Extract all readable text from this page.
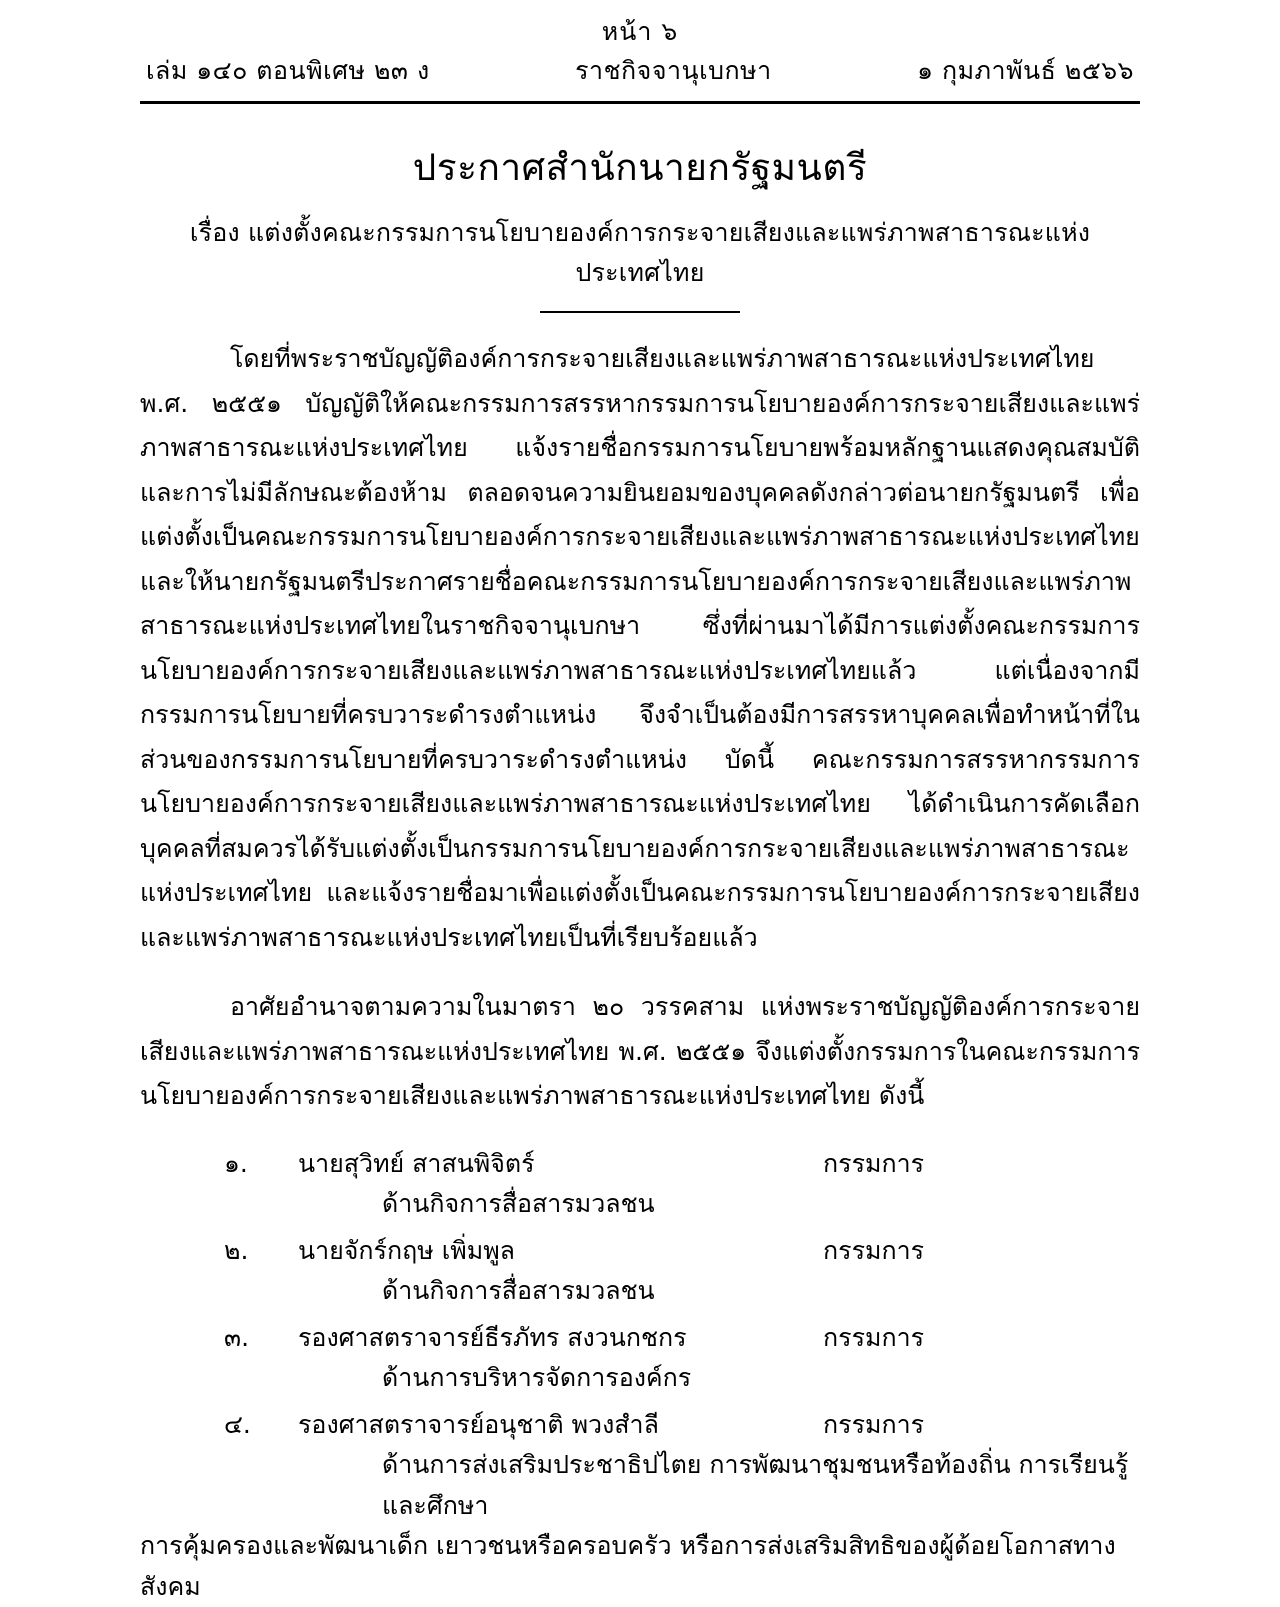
หน้า ๖
เล่ม ๑๔๐ ตอนพิเศษ ๒๓ ง	ราชกิจจานุเบกษา	๑ กุมภาพันธ์ ๒๕๖๖
ประกาศสำนักนายกรัฐมนตรี
เรื่อง แต่งตั้งคณะกรรมการนโยบายองค์การกระจายเสียงและแพร่ภาพสาธารณะแห่งประเทศไทย

โดยที่พระราชบัญญัติองค์การกระจายเสียงและแพร่ภาพสาธารณะแห่งประเทศไทย พ.ศ. ๒๕๕๑ บัญญัติให้คณะกรรมการสรรหากรรมการนโยบายองค์การกระจายเสียงและแพร่ภาพสาธารณะแห่งประเทศไทย แจ้งรายชื่อกรรมการนโยบายพร้อมหลักฐานแสดงคุณสมบัติและการไม่มีลักษณะต้องห้าม ตลอดจนความยินยอมของบุคคลดังกล่าวต่อนายกรัฐมนตรี เพื่อแต่งตั้งเป็นคณะกรรมการนโยบายองค์การกระจายเสียงและแพร่ภาพสาธารณะแห่งประเทศไทย และให้นายกรัฐมนตรีประกาศรายชื่อคณะกรรมการนโยบายองค์การกระจายเสียงและแพร่ภาพสาธารณะแห่งประเทศไทยในราชกิจจานุเบกษา ซึ่งที่ผ่านมาได้มีการแต่งตั้งคณะกรรมการนโยบายองค์การกระจายเสียงและแพร่ภาพสาธารณะแห่งประเทศไทยแล้ว แต่เนื่องจากมีกรรมการนโยบายที่ครบวาระดำรงตำแหน่ง จึงจำเป็นต้องมีการสรรหาบุคคลเพื่อทำหน้าที่ในส่วนของกรรมการนโยบายที่ครบวาระดำรงตำแหน่ง บัดนี้ คณะกรรมการสรรหากรรมการนโยบายองค์การกระจายเสียงและแพร่ภาพสาธารณะแห่งประเทศไทย ได้ดำเนินการคัดเลือกบุคคลที่สมควรได้รับแต่งตั้งเป็นกรรมการนโยบายองค์การกระจายเสียงและแพร่ภาพสาธารณะแห่งประเทศไทย และแจ้งรายชื่อมาเพื่อแต่งตั้งเป็นคณะกรรมการนโยบายองค์การกระจายเสียงและแพร่ภาพสาธารณะแห่งประเทศไทยเป็นที่เรียบร้อยแล้ว

อาศัยอำนาจตามความในมาตรา ๒๐ วรรคสาม แห่งพระราชบัญญัติองค์การกระจายเสียงและแพร่ภาพสาธารณะแห่งประเทศไทย พ.ศ. ๒๕๕๑ จึงแต่งตั้งกรรมการในคณะกรรมการนโยบายองค์การกระจายเสียงและแพร่ภาพสาธารณะแห่งประเทศไทย ดังนี้

๑.	นายสุวิทย์ สาสนพิจิตร์	กรรมการ
ด้านกิจการสื่อสารมวลชน
๒.	นายจักร์กฤษ เพิ่มพูล	กรรมการ
ด้านกิจการสื่อสารมวลชน
๓.	รองศาสตราจารย์ธีรภัทร สงวนกชกร	กรรมการ
ด้านการบริหารจัดการองค์กร
๔.	รองศาสตราจารย์อนุชาติ พวงสำลี	กรรมการ
ด้านการส่งเสริมประชาธิปไตย การพัฒนาชุมชนหรือท้องถิ่น การเรียนรู้และศึกษา
การคุ้มครองและพัฒนาเด็ก เยาวชนหรือครอบครัว หรือการส่งเสริมสิทธิของผู้ด้อยโอกาสทางสังคม
